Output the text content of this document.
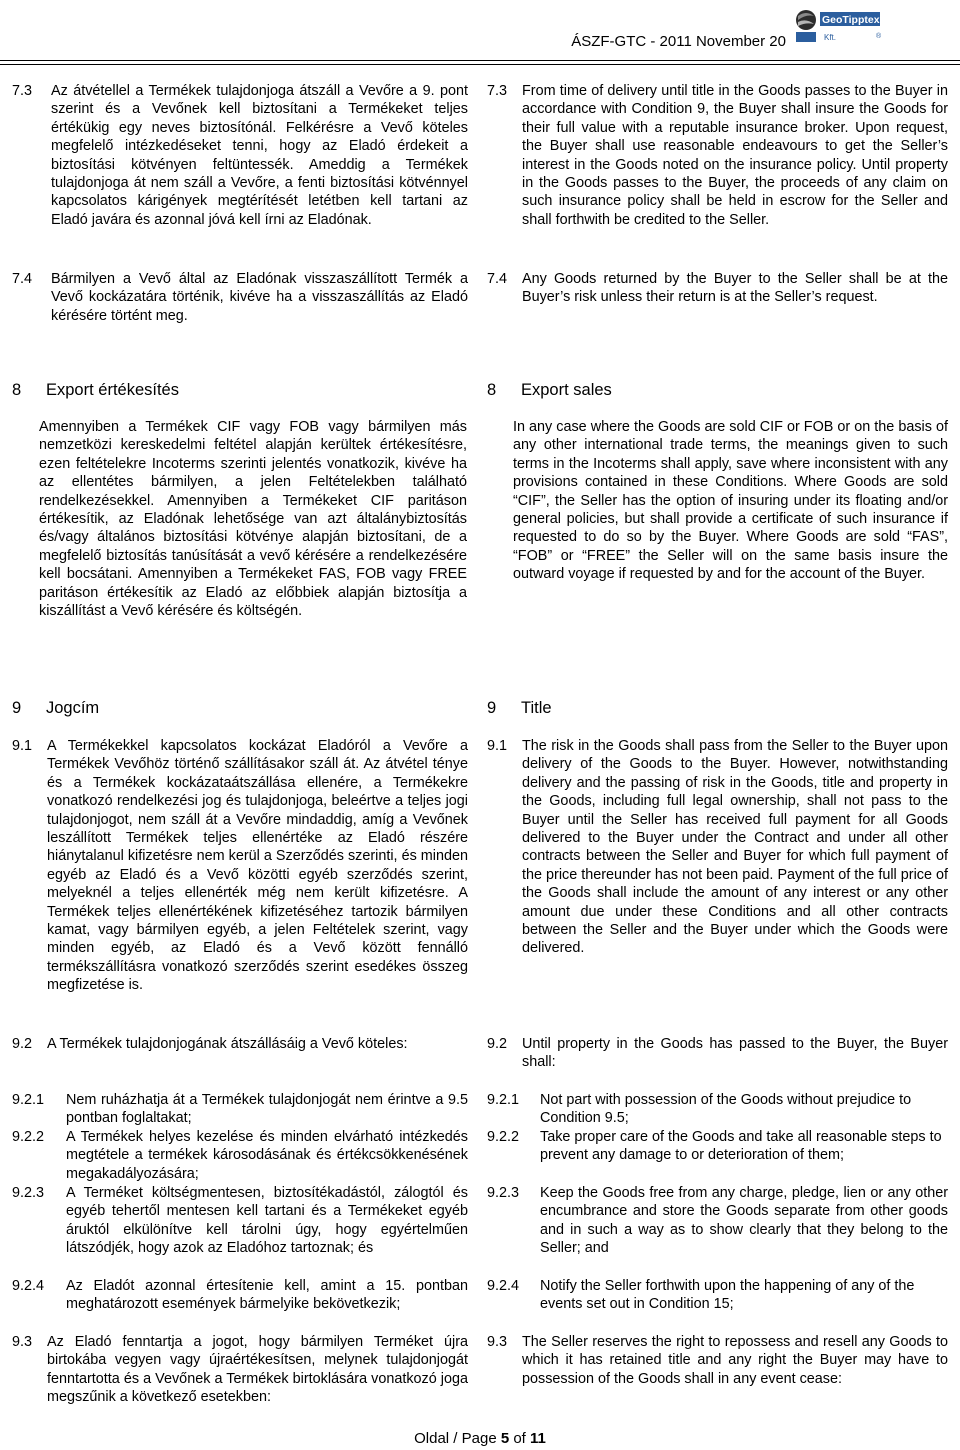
GeoTipptex
Kft.	®
ÁSZF-GTC - 2011 November 20
7.3	Az átvétellel a Termékek tulajdonjoga átszáll a Vevőre a 9. pont szerint és a Vevőnek kell biztosítani a Termékeket teljes értékükig egy neves biztosítónál. Felkérésre a Vevő köteles megfelelő intézkedéseket tenni, hogy az Eladó érdekeit a biztosítási kötvényen feltüntessék. Ameddig a Termékek tulajdonjoga át nem száll a Vevőre, a fenti biztosítási kötvénnyel kapcsolatos kárigények megtérítését letétben kell tartani az Eladó javára és azonnal jóvá kell írni az Eladónak.
7.4	Bármilyen a Vevő által az Eladónak visszaszállított Termék a Vevő kockázatára történik, kivéve ha a visszaszállítás az Eladó kérésére történt meg.
7.3	From time of delivery until title in the Goods passes to the Buyer in accordance with Condition 9, the Buyer shall insure the Goods for their full value with a reputable insurance broker. Upon request, the Buyer shall use reasonable endeavours to get the Seller’s interest in the Goods noted on the insurance policy. Until property in the Goods passes to the Buyer, the proceeds of any claim on such insurance policy shall be held in escrow for the Seller and shall forthwith be credited to the Seller.
7.4	Any Goods returned by the Buyer to the Seller shall be at the Buyer’s risk unless their return is at the Seller’s request.
8 Export értékesítés	8 Export sales

Amennyiben a Termékek CIF vagy FOB vagy bármilyen más nemzetközi kereskedelmi feltétel alapján kerültek értékesítésre, ezen feltételekre Incoterms szerinti jelentés vonatkozik, kivéve ha az ellentétes bármilyen, a jelen Feltételekben található rendelkezésekkel. Amennyiben a Termékeket CIF paritáson értékesítik, az Eladónak lehetősége van azt általánybiztosítás és/vagy általános biztosítási kötvénye alapján biztosítani, de a megfelelő biztosítás tanúsítását a vevő kérésére a rendelkezésére kell bocsátani. Amennyiben a Termékeket FAS, FOB vagy FREE paritáson értékesítik az Eladó az előbbiek alapján biztosítja a kiszállítást a Vevő kérésére és költségén.

In any case where the Goods are sold CIF or FOB or on the basis of any other international trade terms, the meanings given to such terms in the Incoterms shall apply, save where inconsistent with any provisions contained in these Conditions. Where Goods are sold “CIF”, the Seller has the option of insuring under its floating and/or general policies, but shall provide a certificate of such insurance if requested to do so by the Buyer. Where Goods are sold “FAS”, “FOB” or “FREE” the Seller will on the same basis insure the outward voyage if requested by and for the account of the Buyer.

9 Jogcím	9 Title
9.1	A Termékekkel kapcsolatos kockázat Eladóról a Vevőre a Termékek Vevőhöz történő szállításakor száll át. Az átvétel ténye és a Termékek kockázataátszállása ellenére, a Termékekre vonatkozó rendelkezési jog és tulajdonjoga, beleértve a teljes jogi tulajdonjogot, nem száll át a Vevőre mindaddig, amíg a Vevőnek leszállított Termékek teljes ellenértéke az Eladó részére hiánytalanul kifizetésre nem kerül a Szerződés szerinti, és minden egyéb az Eladó és a Vevő közötti egyéb szerződés szerint, melyeknél a teljes ellenérték még nem került kifizetésre. A Termékek teljes ellenértékének kifizetéséhez tartozik bármilyen kamat, vagy bármilyen egyéb, a jelen Feltételek szerint, vagy minden egyéb, az Eladó és a Vevő között fennálló termékszállításra vonatkozó szerződés szerint esedékes összeg megfizetése is.
9.1	The risk in the Goods shall pass from the Seller to the Buyer upon delivery of the Goods to the Buyer. However, notwithstanding delivery and the passing of risk in the Goods, title and property in the Goods, including full legal ownership, shall not pass to the Buyer until the Seller has received full payment for all Goods delivered to the Buyer under the Contract and under all other contracts between the Seller and Buyer for which full payment of the price thereunder has not been paid. Payment of the full price of the Goods shall include the amount of any interest or any other amount due under these Conditions and all other contracts between the Seller and the Buyer under which the Goods were delivered.
9.2	A Termékek tulajdonjogának átszállásáig a Vevő köteles:	9.2	Until property in the Goods has passed to the Buyer, the Buyer shall:
9.2.1	Nem ruházhatja át a Termékek tulajdonjogát nem érintve a 9.5 pontban foglaltakat;
9.2.2	A Termékek helyes kezelése és minden elvárható intézkedés megtétele a termékek károsodásának és értékcsökkenésének megakadályozására;
9.2.3	A Terméket költségmentesen, biztosítékadástól, zálogtól és egyéb tehertől mentesen kell tartani és a Termékeket egyéb áruktól elkülönítve kell tárolni úgy, hogy egyértelműen látszódjék, hogy azok az Eladóhoz tartoznak; és
9.2.4	Az Eladót azonnal értesítenie kell, amint a 15. pontban meghatározott események bármelyike bekövetkezik;
9.2.1	Not part with possession of the Goods without prejudice to Condition 9.5;
9.2.2	Take proper care of the Goods and take all reasonable steps to prevent any damage to or deterioration of them;
9.2.3	Keep the Goods free from any charge, pledge, lien or any other encumbrance and store the Goods separate from other goods and in such a way as to show clearly that they belong to the Seller; and
9.2.4	Notify the Seller forthwith upon the happening of any of the events set out in Condition 15;
9.3	Az Eladó fenntartja a jogot, hogy bármilyen Terméket újra birtokába vegyen vagy újraértékesítsen, melynek tulajdonjogát fenntartotta és a Vevőnek a Termékek birtoklására vonatkozó joga megszűnik a következő esetekben:
9.3	The Seller reserves the right to repossess and resell any Goods to which it has retained title and any right the Buyer may have to possession of the Goods shall in any event cease:
Oldal / Page 5 of 11
